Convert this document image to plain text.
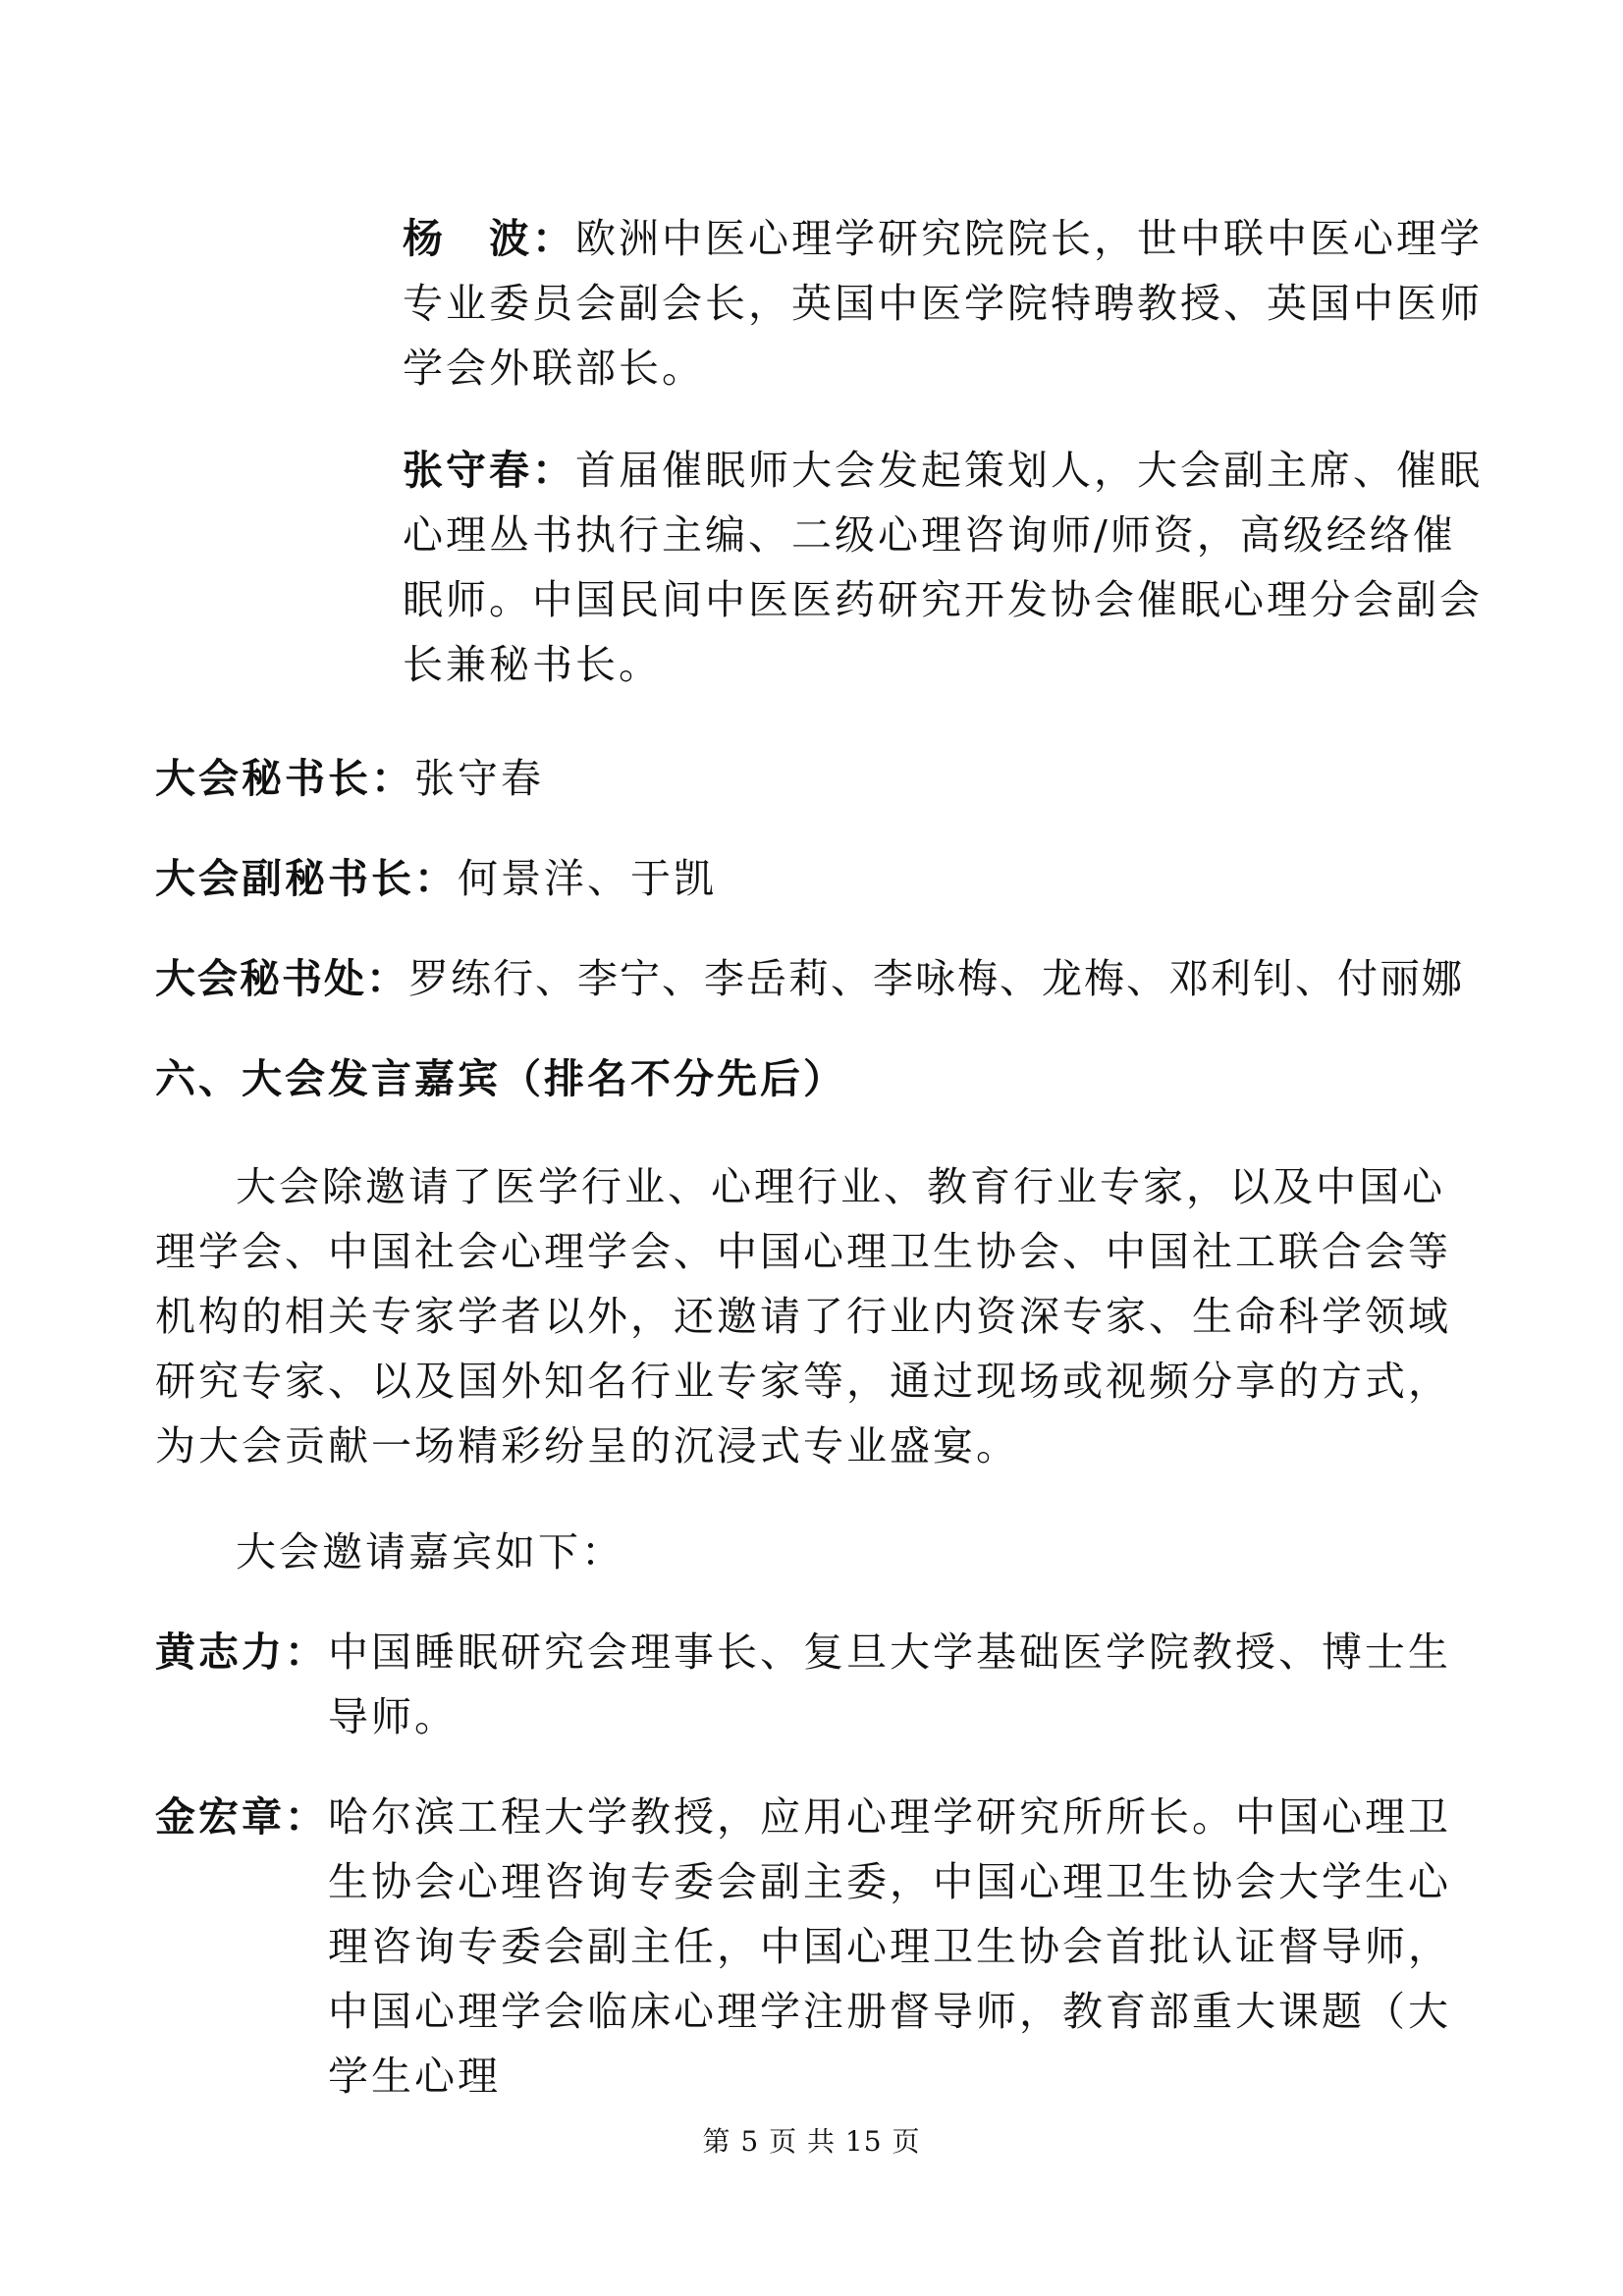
杨　波：欧洲中医心理学研究院院长，世中联中医心理学专业委员会副会长，英国中医学院特聘教授、英国中医师学会外联部长。
张守春：首届催眠师大会发起策划人，大会副主席、催眠心理丛书执行主编、二级心理咨询师/师资，高级经络催眠师。中国民间中医医药研究开发协会催眠心理分会副会长兼秘书长。
大会秘书长：张守春
大会副秘书长：何景洋、于凯
大会秘书处：罗练行、李宁、李岳莉、李咏梅、龙梅、邓利钊、付丽娜
六、大会发言嘉宾（排名不分先后）
大会除邀请了医学行业、心理行业、教育行业专家，以及中国心理学会、中国社会心理学会、中国心理卫生协会、中国社工联合会等机构的相关专家学者以外，还邀请了行业内资深专家、生命科学领域研究专家、以及国外知名行业专家等，通过现场或视频分享的方式，为大会贡献一场精彩纷呈的沉浸式专业盛宴。
大会邀请嘉宾如下：
黄志力： 中国睡眠研究会理事长、复旦大学基础医学院教授、博士生导师。
金宏章： 哈尔滨工程大学教授，应用心理学研究所所长。中国心理卫生协会心理咨询专委会副主委，中国心理卫生协会大学生心理咨询专委会副主任，中国心理卫生协会首批认证督导师，中国心理学会临床心理学注册督导师，教育部重大课题（大学生心理
第 5 页 共 15 页
